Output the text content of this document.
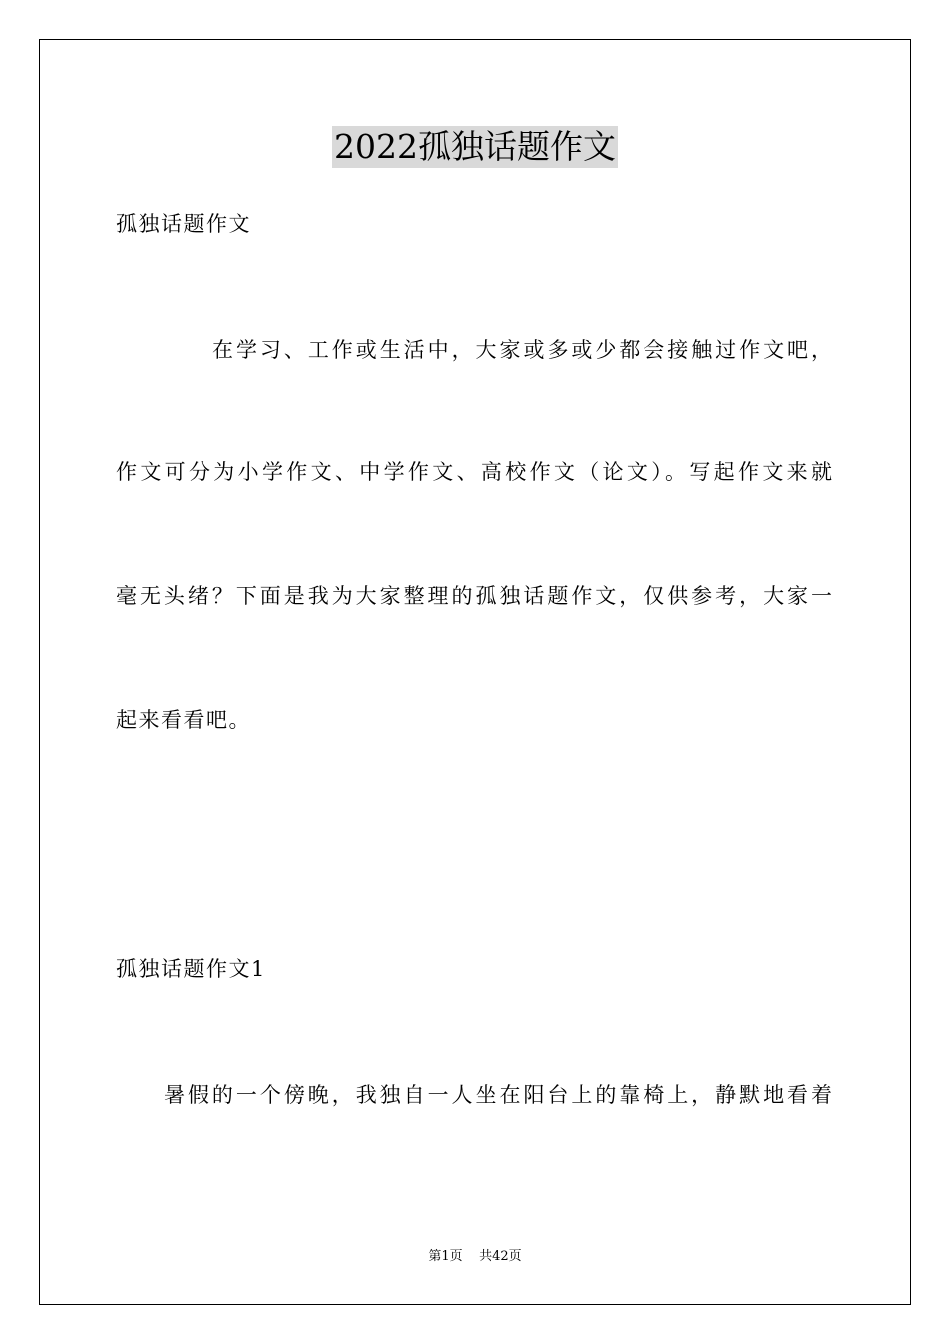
2022孤独话题作文
孤独话题作文
在学习、工作或生活中，大家或多或少都会接触过作文吧，
作文可分为小学作文、中学作文、高校作文（论文）。写起作文来就
毫无头绪？下面是我为大家整理的孤独话题作文，仅供参考，大家一
起来看看吧。
孤独话题作文1
暑假的一个傍晚，我独自一人坐在阳台上的靠椅上，静默地看着
第1页 共42页
